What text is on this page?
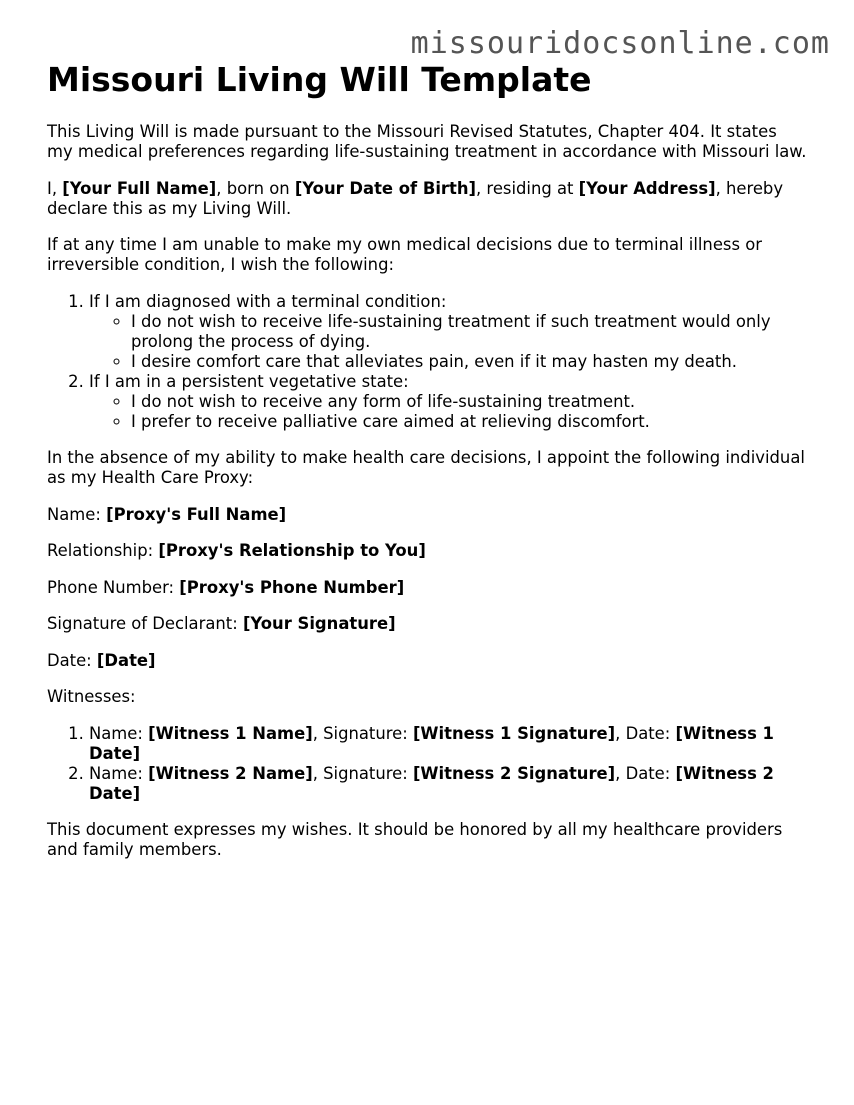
missouridocsonline.com
Missouri Living Will Template

This Living Will is made pursuant to the Missouri Revised Statutes, Chapter 404. It states my medical preferences regarding life-sustaining treatment in accordance with Missouri law.

I, [Your Full Name], born on [Your Date of Birth], residing at [Your Address], hereby declare this as my Living Will.

If at any time I am unable to make my own medical decisions due to terminal illness or irreversible condition, I wish the following:

1. If I am diagnosed with a terminal condition:
◦ I do not wish to receive life-sustaining treatment if such treatment would only prolong the process of dying.
◦ I desire comfort care that alleviates pain, even if it may hasten my death.
2. If I am in a persistent vegetative state:
◦ I do not wish to receive any form of life-sustaining treatment.
◦ I prefer to receive palliative care aimed at relieving discomfort.

In the absence of my ability to make health care decisions, I appoint the following individual as my Health Care Proxy:

Name: [Proxy's Full Name]

Relationship: [Proxy's Relationship to You]

Phone Number: [Proxy's Phone Number]

Signature of Declarant: [Your Signature]

Date: [Date]

Witnesses:

1. Name: [Witness 1 Name], Signature: [Witness 1 Signature], Date: [Witness 1 Date]
2. Name: [Witness 2 Name], Signature: [Witness 2 Signature], Date: [Witness 2 Date]

This document expresses my wishes. It should be honored by all my healthcare providers and family members.
